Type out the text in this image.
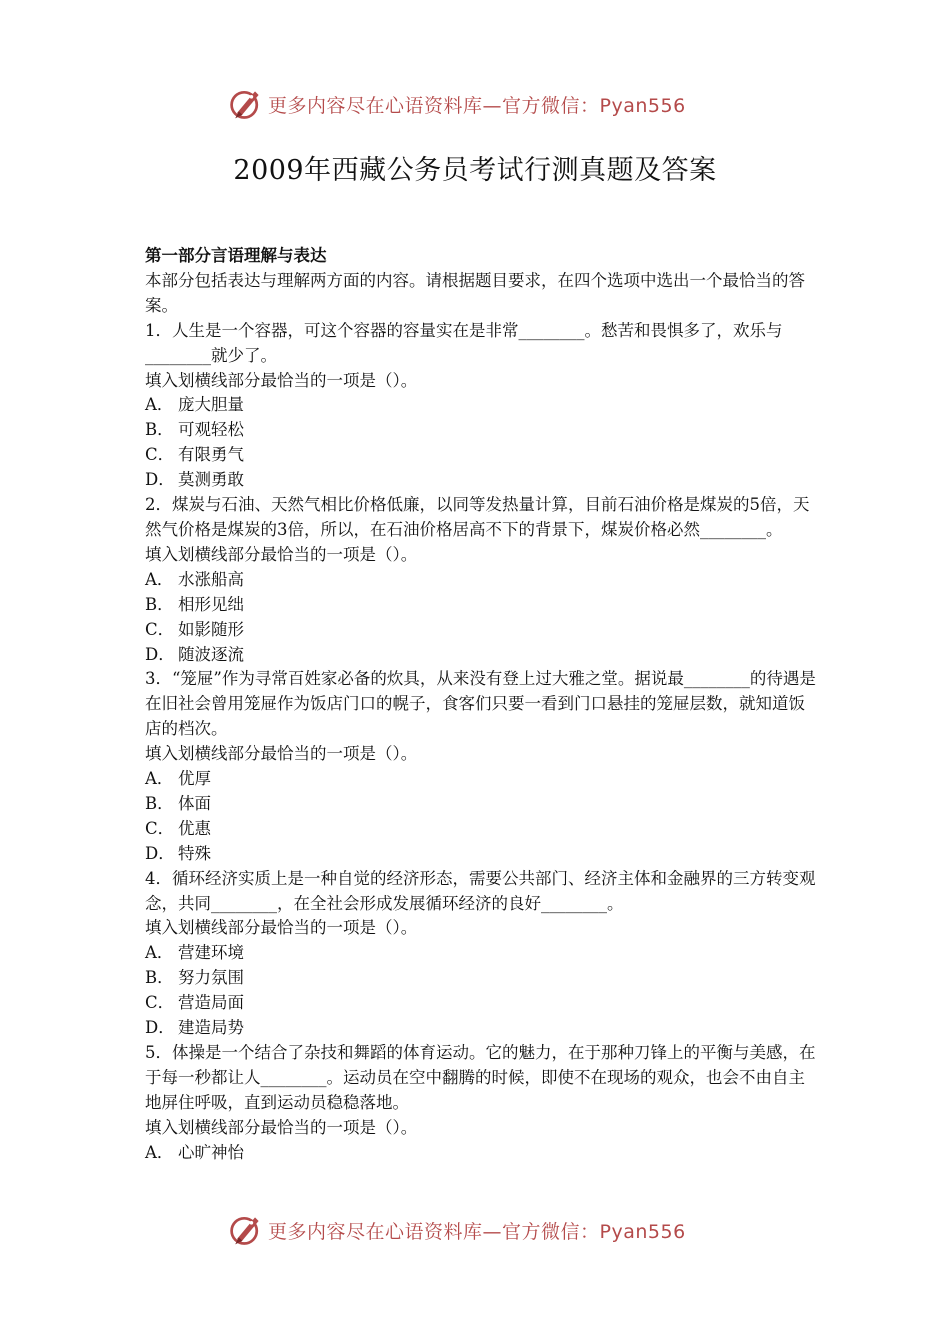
更多内容尽在心语资料库—官方微信：Pyan556
2009年西藏公务员考试行测真题及答案

第一部分言语理解与表达

本部分包括表达与理解两方面的内容。请根据题目要求，在四个选项中选出一个最恰当的答案。

1．人生是一个容器，可这个容器的容量实在是非常________。愁苦和畏惧多了，欢乐与________就少了。

填入划横线部分最恰当的一项是（）。

A． 庞大胆量

B． 可观轻松

C． 有限勇气

D． 莫测勇敢

2．煤炭与石油、天然气相比价格低廉，以同等发热量计算，目前石油价格是煤炭的5倍，天然气价格是煤炭的3倍，所以，在石油价格居高不下的背景下，煤炭价格必然________。

填入划横线部分最恰当的一项是（）。

A． 水涨船高

B． 相形见绌

C． 如影随形

D． 随波逐流

3．“笼屉”作为寻常百姓家必备的炊具，从来没有登上过大雅之堂。据说最________的待遇是在旧社会曾用笼屉作为饭店门口的幌子，食客们只要一看到门口悬挂的笼屉层数，就知道饭店的档次。

填入划横线部分最恰当的一项是（）。

A． 优厚

B． 体面

C． 优惠

D． 特殊

4．循环经济实质上是一种自觉的经济形态，需要公共部门、经济主体和金融界的三方转变观念，共同________，在全社会形成发展循环经济的良好________。

填入划横线部分最恰当的一项是（）。

A． 营建环境

B． 努力氛围

C． 营造局面

D． 建造局势

5．体操是一个结合了杂技和舞蹈的体育运动。它的魅力，在于那种刀锋上的平衡与美感，在于每一秒都让人________。运动员在空中翻腾的时候，即使不在现场的观众，也会不由自主地屏住呼吸，直到运动员稳稳落地。

填入划横线部分最恰当的一项是（）。

A． 心旷神怡

更多内容尽在心语资料库—官方微信：Pyan556
